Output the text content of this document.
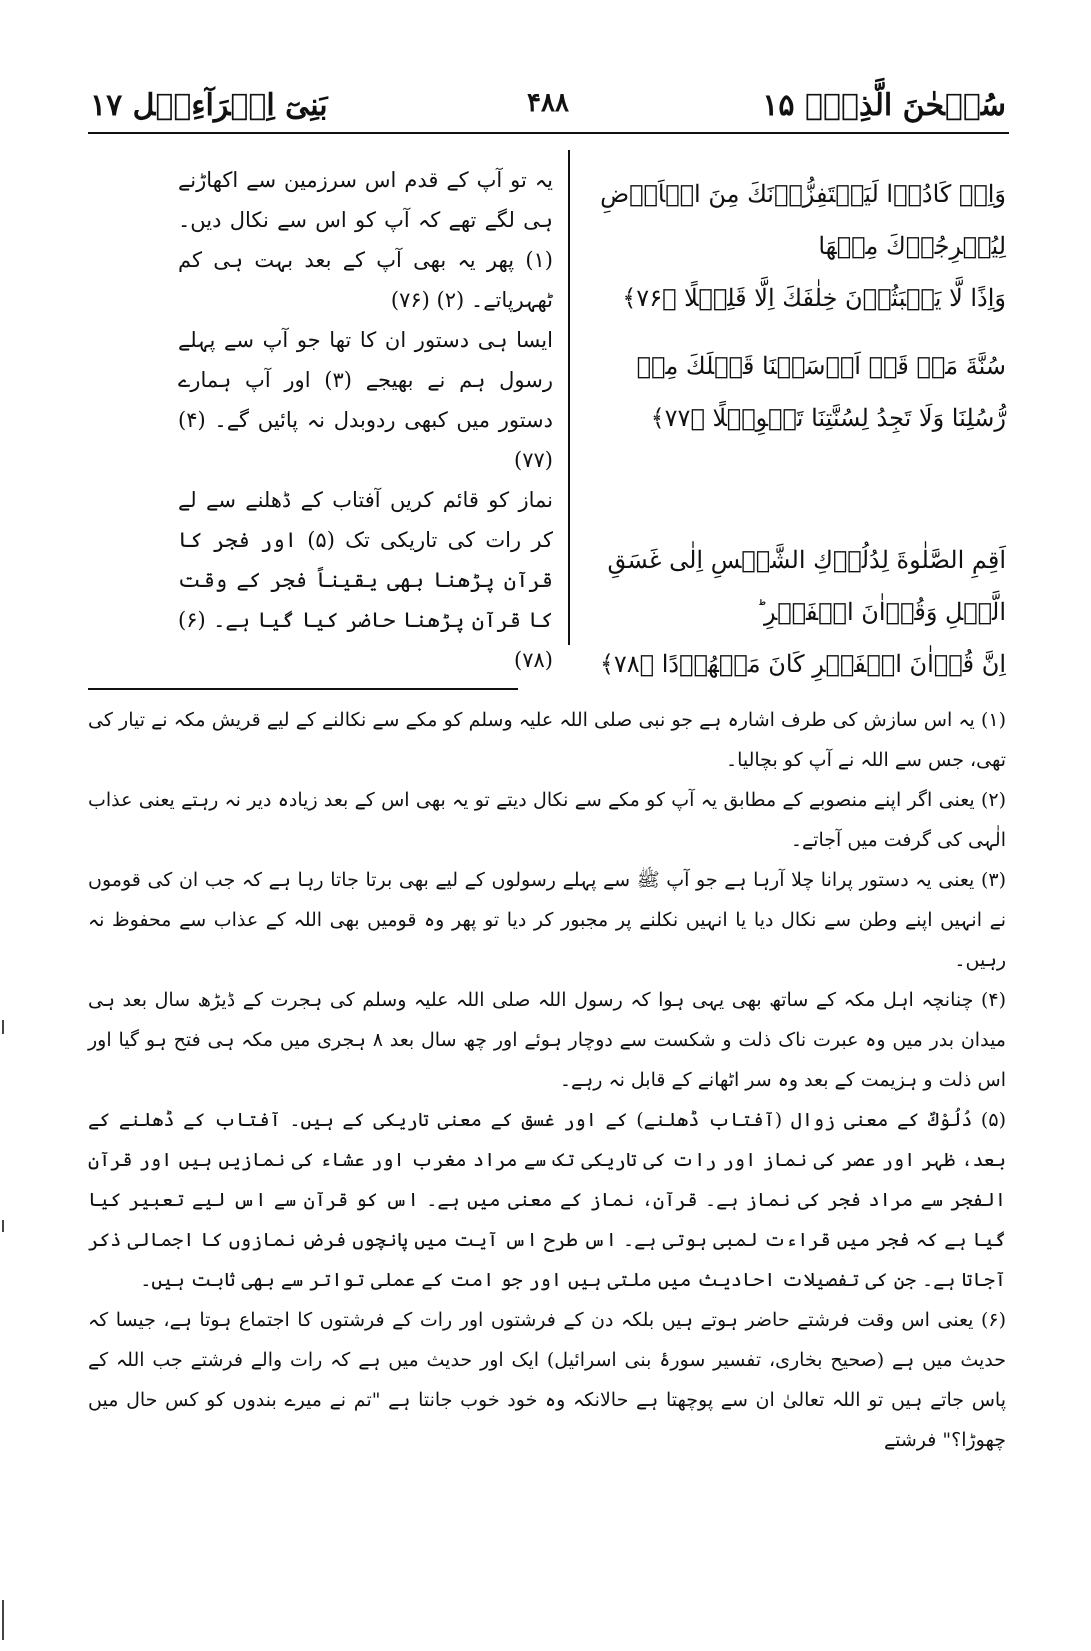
سُبۡحٰنَ الَّذِیۡٓ ۱۵
۴۸۸
بَنِیٓ اِسۡرَآءِیۡل ۱۷

وَاِنۡ كَادُوۡا لَيَسۡتَفِزُّوۡنَكَ مِنَ الۡاَرۡضِ لِيُخۡرِجُوۡكَ مِنۡهَا

وَاِذًا لَّا يَلۡبَثُوۡنَ خِلٰفَكَ اِلَّا قَلِيۡلًا ﴿۷۶﴾

سُنَّةَ مَنۡ قَدۡ اَرۡسَلۡنَا قَبۡلَكَ مِنۡ رُّسُلِنَا وَلَا تَجِدُ لِسُنَّتِنَا تَحۡوِيۡلًا ﴿۷۷﴾

اَقِمِ الصَّلٰوةَ لِدُلُوۡكِ الشَّمۡسِ اِلٰى غَسَقِ الَّيۡلِ وَقُرۡاٰنَ الۡفَجۡرِ ؕ

اِنَّ قُرۡاٰنَ الۡفَجۡرِ كَانَ مَشۡهُوۡدًا ﴿۷۸﴾

یہ تو آپ کے قدم اس سرزمین سے اکھاڑنے ہی لگے تھے کہ آپ کو اس سے نکال دیں۔ (۱) پھر یہ بھی آپ کے بعد بہت ہی کم ٹھہرپاتے۔ (۲) (۷۶)

ایسا ہی دستور ان کا تھا جو آپ سے پہلے رسول ہم نے بھیجے (۳) اور آپ ہمارے دستور میں کبھی ردوبدل نہ پائیں گے۔ (۴) (۷۷)

نماز کو قائم کریں آفتاب کے ڈھلنے سے لے کر رات کی تاریکی تک (۵) اور فجر کا قرآن پڑھنا بھی یقیناً فجر کے وقت کا قرآن پڑھنا حاضر کیا گیا ہے۔ (۶) (۷۸)

(۱) یہ اس سازش کی طرف اشارہ ہے جو نبی صلی اللہ علیہ وسلم کو مکے سے نکالنے کے لیے قریش مکہ نے تیار کی تھی، جس سے اللہ نے آپ کو بچالیا۔

(۲) یعنی اگر اپنے منصوبے کے مطابق یہ آپ کو مکے سے نکال دیتے تو یہ بھی اس کے بعد زیادہ دیر نہ رہتے یعنی عذاب الٰہی کی گرفت میں آجاتے۔

(۳) یعنی یہ دستور پرانا چلا آرہا ہے جو آپ ﷺ سے پہلے رسولوں کے لیے بھی برتا جاتا رہا ہے کہ جب ان کی قوموں نے انہیں اپنے وطن سے نکال دیا یا انہیں نکلنے پر مجبور کر دیا تو پھر وہ قومیں بھی اللہ کے عذاب سے محفوظ نہ رہیں۔

(۴) چنانچہ اہل مکہ کے ساتھ بھی یہی ہوا کہ رسول اللہ صلی اللہ علیہ وسلم کی ہجرت کے ڈیڑھ سال بعد ہی میدان بدر میں وہ عبرت ناک ذلت و شکست سے دوچار ہوئے اور چھ سال بعد ۸ ہجری میں مکہ ہی فتح ہو گیا اور اس ذلت و ہزیمت کے بعد وہ سر اٹھانے کے قابل نہ رہے۔

(۵) دُلُوْكٌ کے معنی زوال (آفتاب ڈھلنے) کے اور غسق کے معنی تاریکی کے ہیں۔ آفتاب کے ڈھلنے کے بعد، ظہر اور عصر کی نماز اور رات کی تاریکی تک سے مراد مغرب اور عشاء کی نمازیں ہیں اور قرآن الفجر سے مراد فجر کی نماز ہے۔ قرآن، نماز کے معنی میں ہے۔ اس کو قرآن سے اس لیے تعبیر کیا گیا ہے کہ فجر میں قراءت لمبی ہوتی ہے۔ اس طرح اس آیت میں پانچوں فرض نمازوں کا اجمالی ذکر آجاتا ہے۔ جن کی تفصیلات احادیث میں ملتی ہیں اور جو امت کے عملی تواتر سے بھی ثابت ہیں۔

(۶) یعنی اس وقت فرشتے حاضر ہوتے ہیں بلکہ دن کے فرشتوں اور رات کے فرشتوں کا اجتماع ہوتا ہے، جیسا کہ حدیث میں ہے (صحیح بخاری، تفسیر سورۂ بنی اسرائیل) ایک اور حدیث میں ہے کہ رات والے فرشتے جب اللہ کے پاس جاتے ہیں تو اللہ تعالیٰ ان سے پوچھتا ہے حالانکہ وہ خود خوب جانتا ہے "تم نے میرے بندوں کو کس حال میں چھوڑا؟" فرشتے
